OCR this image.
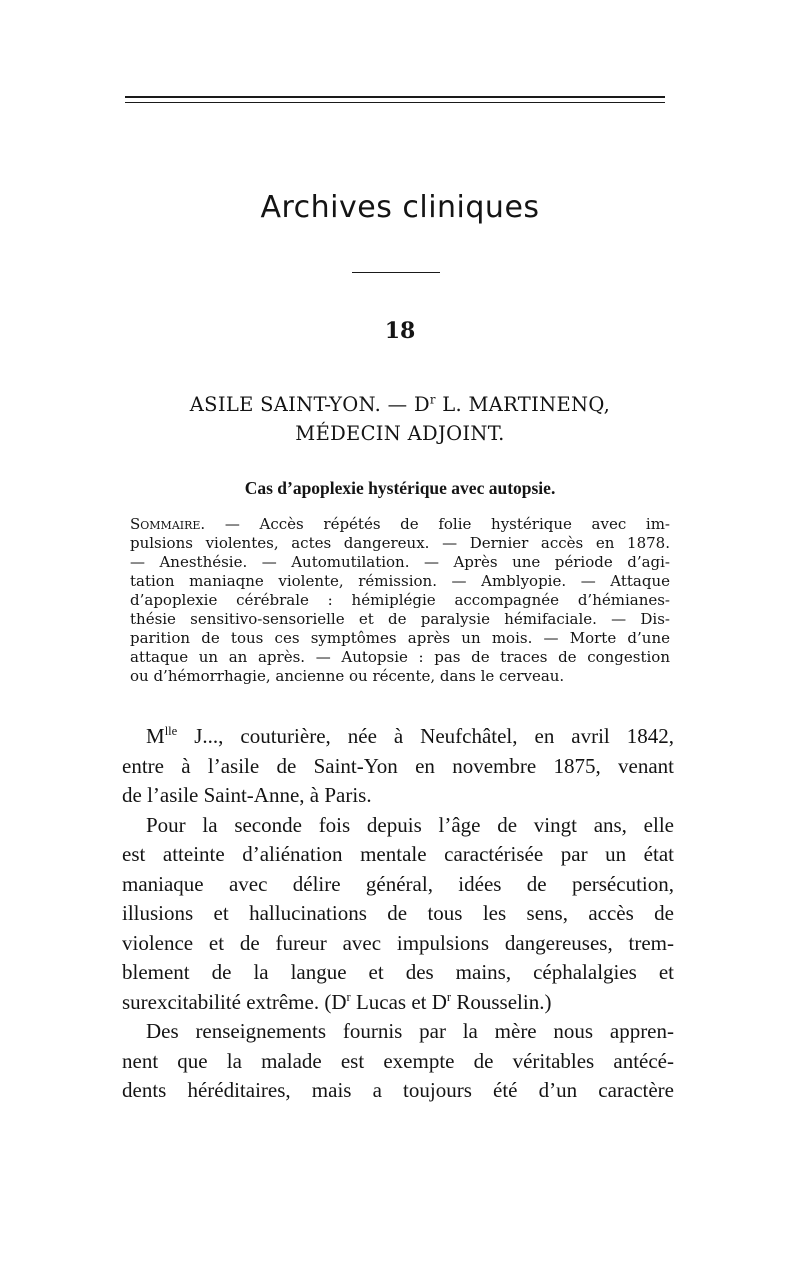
Archives cliniques
18
ASILE SAINT-YON. — $D^r$ L. MARTINENQ,
MÉDECIN ADJOINT.
Cas d’apoplexie hystérique avec autopsie.
Sommaire. — Accès répétés de folie hystérique avec im-
pulsions violentes, actes dangereux. — Dernier accès en 1878.
— Anesthésie. — Automutilation. — Après une période d’agi-
tation maniaqne violente, rémission. — Amblyopie. — Attaque
d’apoplexie cérébrale : hémiplégie accompagnée d’hémianes-
thésie sensitivo-sensorielle et de paralysie hémifaciale. — Dis-
parition de tous ces symptômes après un mois. — Morte d’une
attaque un an après. — Autopsie : pas de traces de congestion
ou d’hémorrhagie, ancienne ou récente, dans le cerveau.
$M^{lle}$ J..., couturière, née à Neufchâtel, en avril 1842,
entre à l’asile de Saint-Yon en novembre 1875, venant
de l’asile Saint-Anne, à Paris.
Pour la seconde fois depuis l’âge de vingt ans, elle
est atteinte d’aliénation mentale caractérisée par un état
maniaque avec délire général, idées de persécution,
illusions et hallucinations de tous les sens, accès de
violence et de fureur avec impulsions dangereuses, trem-
blement de la langue et des mains, céphalalgies et
surexcitabilité extrême. ($D^r$ Lucas et $D^r$ Rousselin.)
Des renseignements fournis par la mère nous appren-
nent que la malade est exempte de véritables antécé-
dents héréditaires, mais a toujours été d’un caractère
